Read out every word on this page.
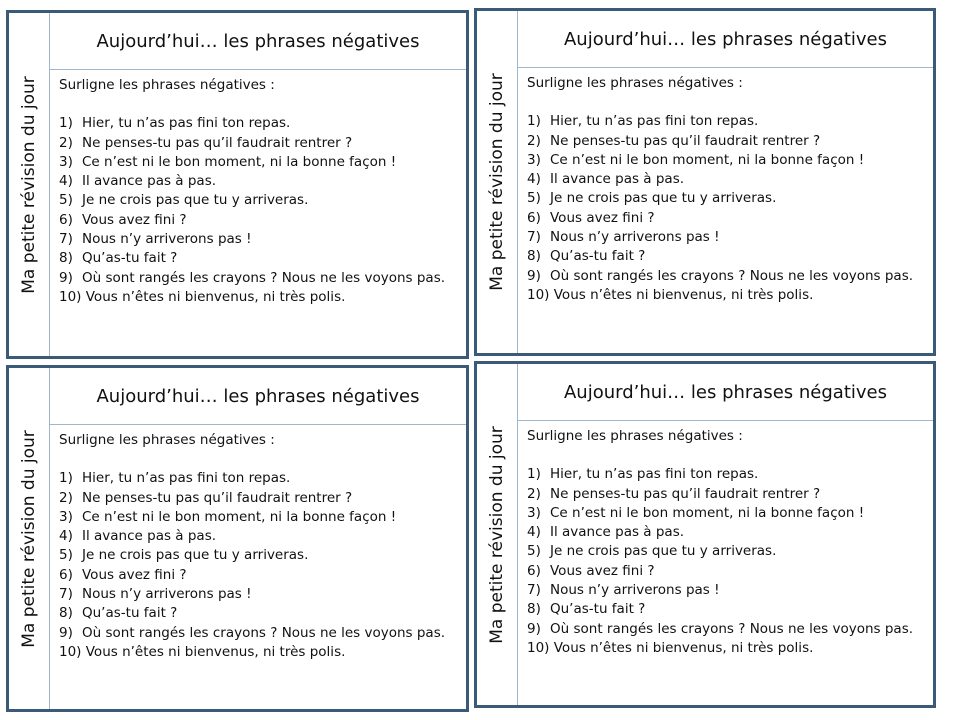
Ma petite révision du jour
Aujourd’hui… les phrases négatives
Surligne les phrases négatives :
1) Hier, tu n’as pas fini ton repas.
2) Ne penses-tu pas qu’il faudrait rentrer ?
3) Ce n’est ni le bon moment, ni la bonne façon !
4) Il avance pas à pas.
5) Je ne crois pas que tu y arriveras.
6) Vous avez fini ?
7) Nous n’y arriverons pas !
8) Qu’as-tu fait ?
9) Où sont rangés les crayons ? Nous ne les voyons pas.
10) Vous n’êtes ni bienvenus, ni très polis.
Ma petite révision du jour
Aujourd’hui… les phrases négatives
Surligne les phrases négatives :
1) Hier, tu n’as pas fini ton repas.
2) Ne penses-tu pas qu’il faudrait rentrer ?
3) Ce n’est ni le bon moment, ni la bonne façon !
4) Il avance pas à pas.
5) Je ne crois pas que tu y arriveras.
6) Vous avez fini ?
7) Nous n’y arriverons pas !
8) Qu’as-tu fait ?
9) Où sont rangés les crayons ? Nous ne les voyons pas.
10) Vous n’êtes ni bienvenus, ni très polis.
Ma petite révision du jour
Aujourd’hui… les phrases négatives
Surligne les phrases négatives :
1) Hier, tu n’as pas fini ton repas.
2) Ne penses-tu pas qu’il faudrait rentrer ?
3) Ce n’est ni le bon moment, ni la bonne façon !
4) Il avance pas à pas.
5) Je ne crois pas que tu y arriveras.
6) Vous avez fini ?
7) Nous n’y arriverons pas !
8) Qu’as-tu fait ?
9) Où sont rangés les crayons ? Nous ne les voyons pas.
10) Vous n’êtes ni bienvenus, ni très polis.
Ma petite révision du jour
Aujourd’hui… les phrases négatives
Surligne les phrases négatives :
1) Hier, tu n’as pas fini ton repas.
2) Ne penses-tu pas qu’il faudrait rentrer ?
3) Ce n’est ni le bon moment, ni la bonne façon !
4) Il avance pas à pas.
5) Je ne crois pas que tu y arriveras.
6) Vous avez fini ?
7) Nous n’y arriverons pas !
8) Qu’as-tu fait ?
9) Où sont rangés les crayons ? Nous ne les voyons pas.
10) Vous n’êtes ni bienvenus, ni très polis.
